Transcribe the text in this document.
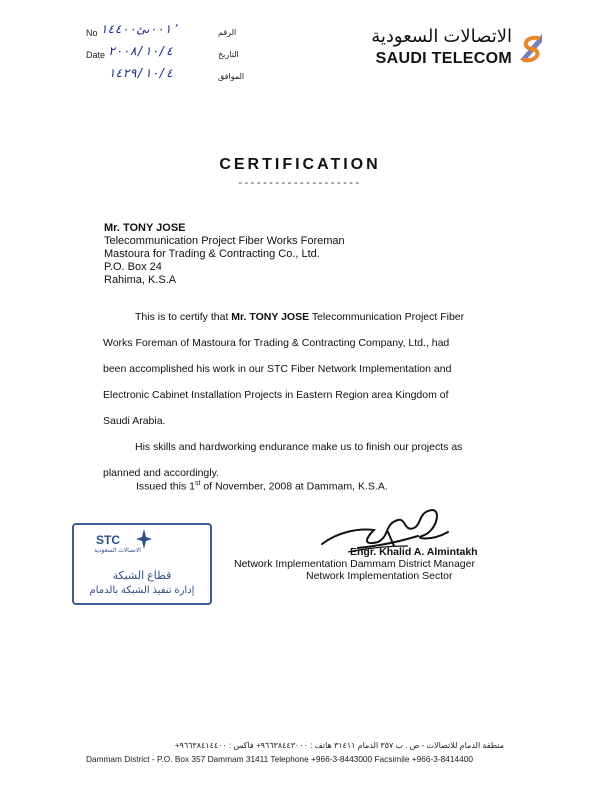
No ٠٠١٬ٮئ١٤٤٠٠	الرقم
Date ٢٠٠٨/١٠/٤	التاريخ
١٤٢٩/١٠/٤	الموافق
الاتصالات السعودية
SAUDI TELECOM
CERTIFICATION
--------------------
Mr. TONY JOSE
Telecommunication Project Fiber Works Foreman
Mastoura for Trading & Contracting Co., Ltd.
P.O. Box 24
Rahima, K.S.A
This is to certify that Mr. TONY JOSE Telecommunication Project Fiber
Works Foreman of Mastoura for Trading & Contracting Company, Ltd., had
been accomplished his work in our STC Fiber Network Implementation and
Electronic Cabinet Installation Projects in Eastern Region area Kingdom of
Saudi Arabia.
His skills and hardworking endurance make us to finish our projects as
planned and accordingly.
Issued this 1st of November, 2008 at Dammam, K.S.A.
STC
الاتصالات السعودية
قطاع الشبكة
إدارة تنفيذ الشبكة بالدمام
Engr. Khalid A. Almintakh
Network Implementation Dammam District Manager
Network Implementation Sector
منطقة الدمام للاتصالات - ص . ب ٣٥٧ الدمام ٣١٤١١ هاتف : ٩٦٦٣٨٤٤٣٠٠٠+ فاكس : ٩٦٦٣٨٤١٤٤٠٠+
Dammam District - P.O. Box 357 Dammam 31411 Telephone +966-3-8443000 Facsimile +966-3-8414400
